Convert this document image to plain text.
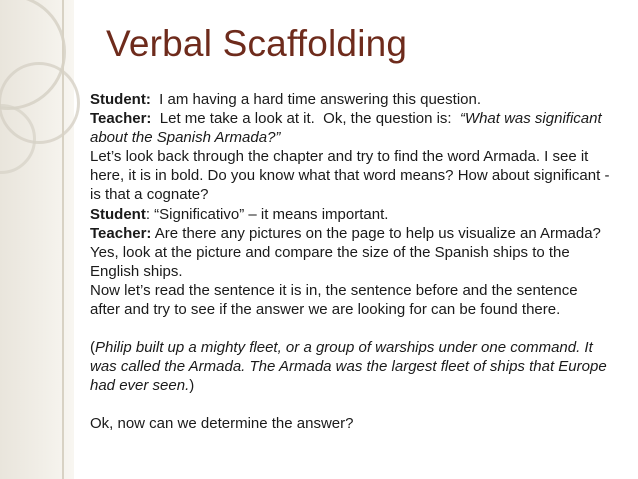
Verbal Scaffolding

Student:  I am having a hard time answering this question.

Teacher:  Let me take a look at it.  Ok, the question is:  “What was significant about the Spanish Armada?”

Let’s look back through the chapter and try to find the word Armada. I see it here, it is in bold. Do you know what that word means? How about significant - is that a cognate?

Student: “Significativo” – it means important.

Teacher: Are there any pictures on the page to help us visualize an Armada? Yes, look at the picture and compare the size of the Spanish ships to the English ships.

Now let’s read the sentence it is in, the sentence before and the sentence after and try to see if the answer we are looking for can be found there.

(Philip built up a mighty fleet, or a group of warships under one command. It was called the Armada. The Armada was the largest fleet of ships that Europe had ever seen.)

Ok, now can we determine the answer?
